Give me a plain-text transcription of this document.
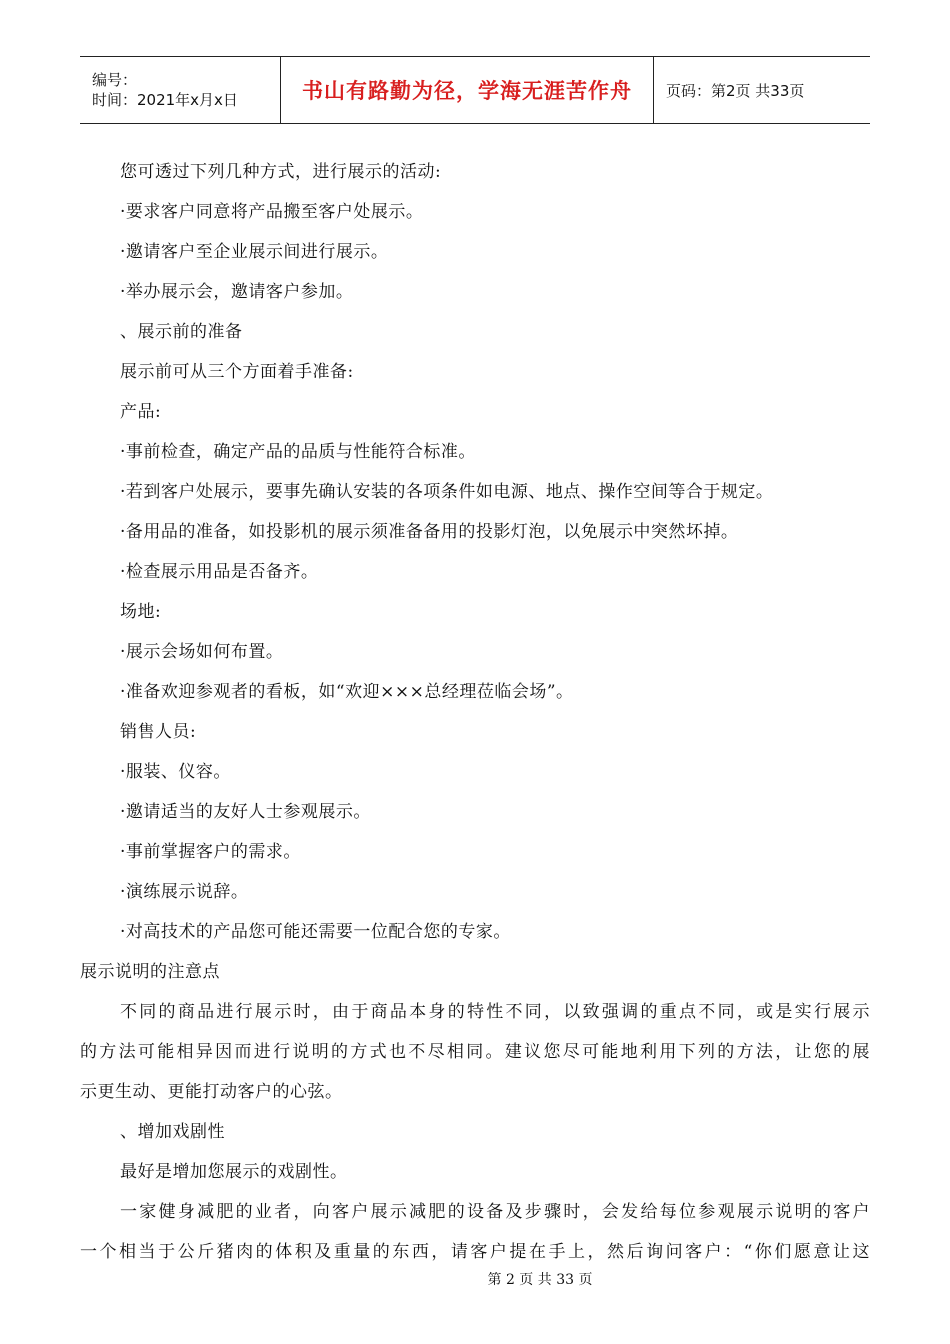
编号：
时间：2021年x月x日	书山有路勤为径，学海无涯苦作舟 页码：第2页 共33页
您可透过下列几种方式，进行展示的活动:
·要求客户同意将产品搬至客户处展示。
·邀请客户至企业展示间进行展示。
·举办展示会，邀请客户参加。
、展示前的准备
展示前可从三个方面着手准备:
产品:
·事前检查，确定产品的品质与性能符合标准。
·若到客户处展示，要事先确认安装的各项条件如电源、地点、操作空间等合于规定。
·备用品的准备，如投影机的展示须准备备用的投影灯泡，以免展示中突然坏掉。
·检查展示用品是否备齐。
场地:
·展示会场如何布置。
·准备欢迎参观者的看板，如“欢迎×××总经理莅临会场”。
销售人员:
·服装、仪容。
·邀请适当的友好人士参观展示。
·事前掌握客户的需求。
·演练展示说辞。
·对高技术的产品您可能还需要一位配合您的专家。
展示说明的注意点
不同的商品进行展示时，由于商品本身的特性不同，以致强调的重点不同，或是实行展示
的方法可能相异因而进行说明的方式也不尽相同。建议您尽可能地利用下列的方法，让您的展
示更生动、更能打动客户的心弦。
、增加戏剧性
最好是增加您展示的戏剧性。
一家健身减肥的业者，向客户展示减肥的设备及步骤时，会发给每位参观展示说明的客户
一个相当于公斤猪肉的体积及重量的东西，请客户提在手上，然后询问客户：“你们愿意让这
第 2 页 共 33 页
